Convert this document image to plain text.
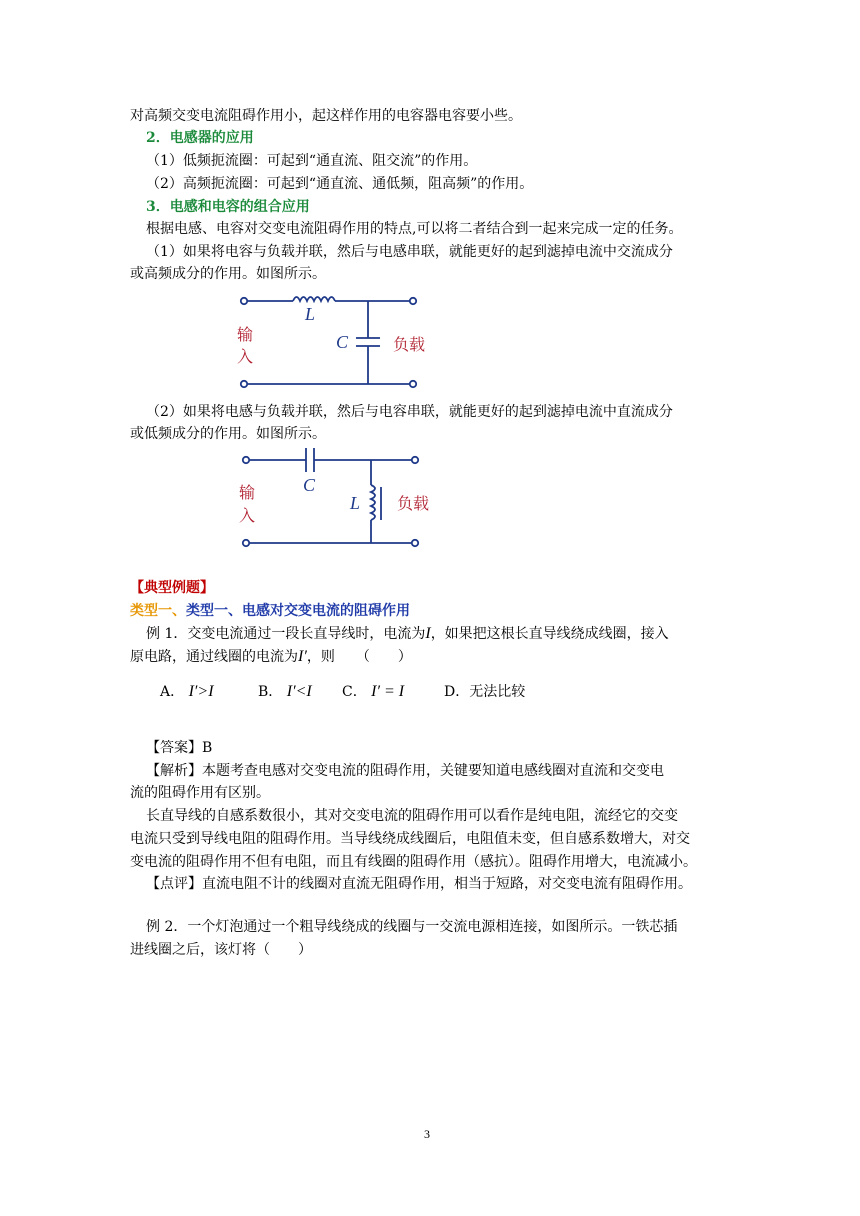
对高频交变电流阻碍作用小，起这样作用的电容器电容要小些。
2．电感器的应用
（1）低频扼流圈：可起到“通直流、阻交流”的作用。
（2）高频扼流圈：可起到“通直流、通低频，阻高频”的作用。
3．电感和电容的组合应用
根据电感、电容对交变电流阻碍作用的特点,可以将二者结合到一起来完成一定的任务。
（1）如果将电容与负载并联，然后与电感串联，就能更好的起到滤掉电流中交流成分
或高频成分的作用。如图所示。
L
C	负载
输
入
（2）如果将电感与负载并联，然后与电容串联，就能更好的起到滤掉电流中直流成分
或低频成分的作用。如图所示。
C
L 负载
输
入
【典型例题】
类型一、类型一、电感对交变电流的阻碍作用
例 1．交变电流通过一段长直导线时，电流为I，如果把这根长直导线绕成线圈，接入
原电路，通过线圈的电流为I′，则　　（　　）
A． I′>I	B． I′<I C． I′ = I	D．无法比较
【答案】B
【解析】本题考查电感对交变电流的阻碍作用，关键要知道电感线圈对直流和交变电
流的阻碍作用有区别。
长直导线的自感系数很小，其对交变电流的阻碍作用可以看作是纯电阻，流经它的交变
电流只受到导线电阻的阻碍作用。当导线绕成线圈后，电阻值未变，但自感系数增大，对交
变电流的阻碍作用不但有电阻，而且有线圈的阻碍作用（感抗）。阻碍作用增大，电流减小。
【点评】直流电阻不计的线圈对直流无阻碍作用，相当于短路，对交变电流有阻碍作用。
例 2．一个灯泡通过一个粗导线绕成的线圈与一交流电源相连接，如图所示。一铁芯插
进线圈之后，该灯将（　　）
3
